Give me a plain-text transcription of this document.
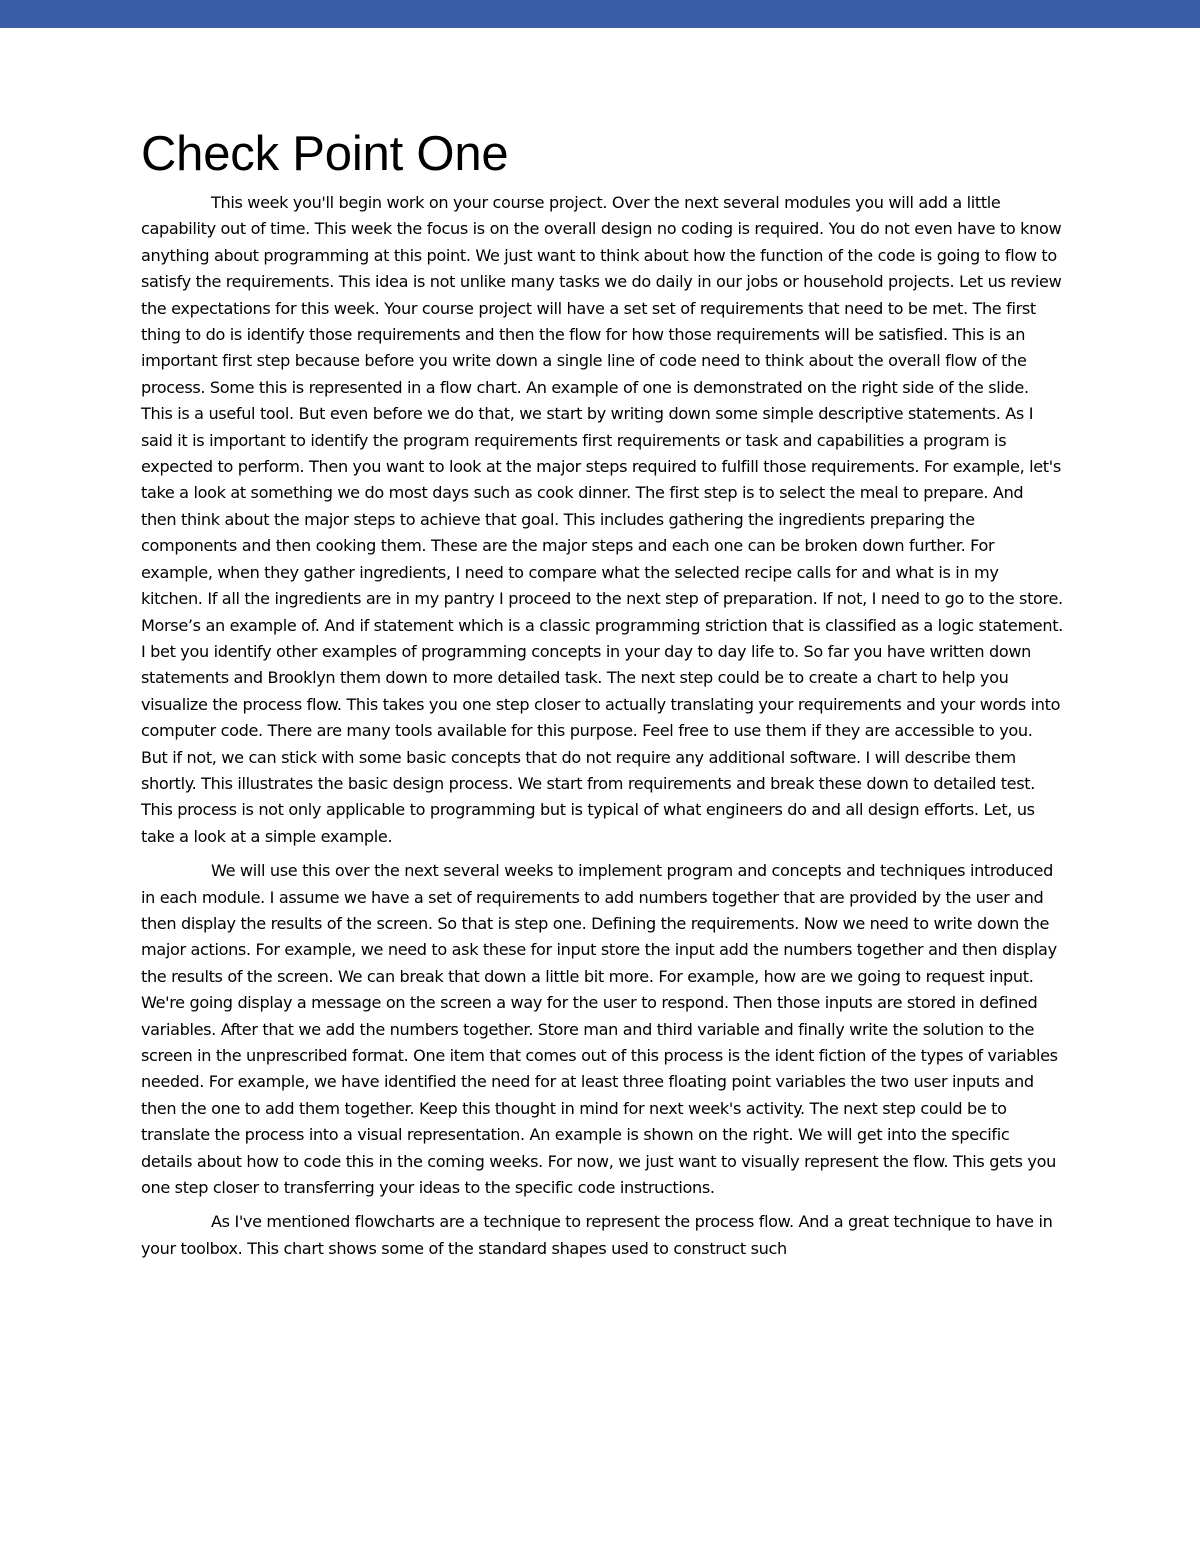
Check Point One

This week you'll begin work on your course project. Over the next several modules you will add a little capability out of time. This week the focus is on the overall design no coding is required. You do not even have to know anything about programming at this point. We just want to think about how the function of the code is going to flow to satisfy the requirements. This idea is not unlike many tasks we do daily in our jobs or household projects. Let us review the expectations for this week. Your course project will have a set set of requirements that need to be met. The first thing to do is identify those requirements and then the flow for how those requirements will be satisfied. This is an important first step because before you write down a single line of code need to think about the overall flow of the process. Some this is represented in a flow chart. An example of one is demonstrated on the right side of the slide. This is a useful tool. But even before we do that, we start by writing down some simple descriptive statements. As I said it is important to identify the program requirements first requirements or task and capabilities a program is expected to perform. Then you want to look at the major steps required to fulfill those requirements. For example, let's take a look at something we do most days such as cook dinner. The first step is to select the meal to prepare. And then think about the major steps to achieve that goal. This includes gathering the ingredients preparing the components and then cooking them. These are the major steps and each one can be broken down further. For example, when they gather ingredients, I need to compare what the selected recipe calls for and what is in my kitchen. If all the ingredients are in my pantry I proceed to the next step of preparation. If not, I need to go to the store. Morse’s an example of. And if statement which is a classic programming striction that is classified as a logic statement. I bet you identify other examples of programming concepts in your day to day life to. So far you have written down statements and Brooklyn them down to more detailed task. The next step could be to create a chart to help you visualize the process flow. This takes you one step closer to actually translating your requirements and your words into computer code. There are many tools available for this purpose. Feel free to use them if they are accessible to you. But if not, we can stick with some basic concepts that do not require any additional software. I will describe them shortly. This illustrates the basic design process. We start from requirements and break these down to detailed test. This process is not only applicable to programming but is typical of what engineers do and all design efforts. Let, us take a look at a simple example.

We will use this over the next several weeks to implement program and concepts and techniques introduced in each module. I assume we have a set of requirements to add numbers together that are provided by the user and then display the results of the screen. So that is step one. Defining the requirements. Now we need to write down the major actions. For example, we need to ask these for input store the input add the numbers together and then display the results of the screen. We can break that down a little bit more. For example, how are we going to request input. We're going display a message on the screen a way for the user to respond. Then those inputs are stored in defined variables. After that we add the numbers together. Store man and third variable and finally write the solution to the screen in the unprescribed format. One item that comes out of this process is the ident fiction of the types of variables needed. For example, we have identified the need for at least three floating point variables the two user inputs and then the one to add them together. Keep this thought in mind for next week's activity. The next step could be to translate the process into a visual representation. An example is shown on the right. We will get into the specific details about how to code this in the coming weeks. For now, we just want to visually represent the flow. This gets you one step closer to transferring your ideas to the specific code instructions.

As I've mentioned flowcharts are a technique to represent the process flow. And a great technique to have in your toolbox. This chart shows some of the standard shapes used to construct such
